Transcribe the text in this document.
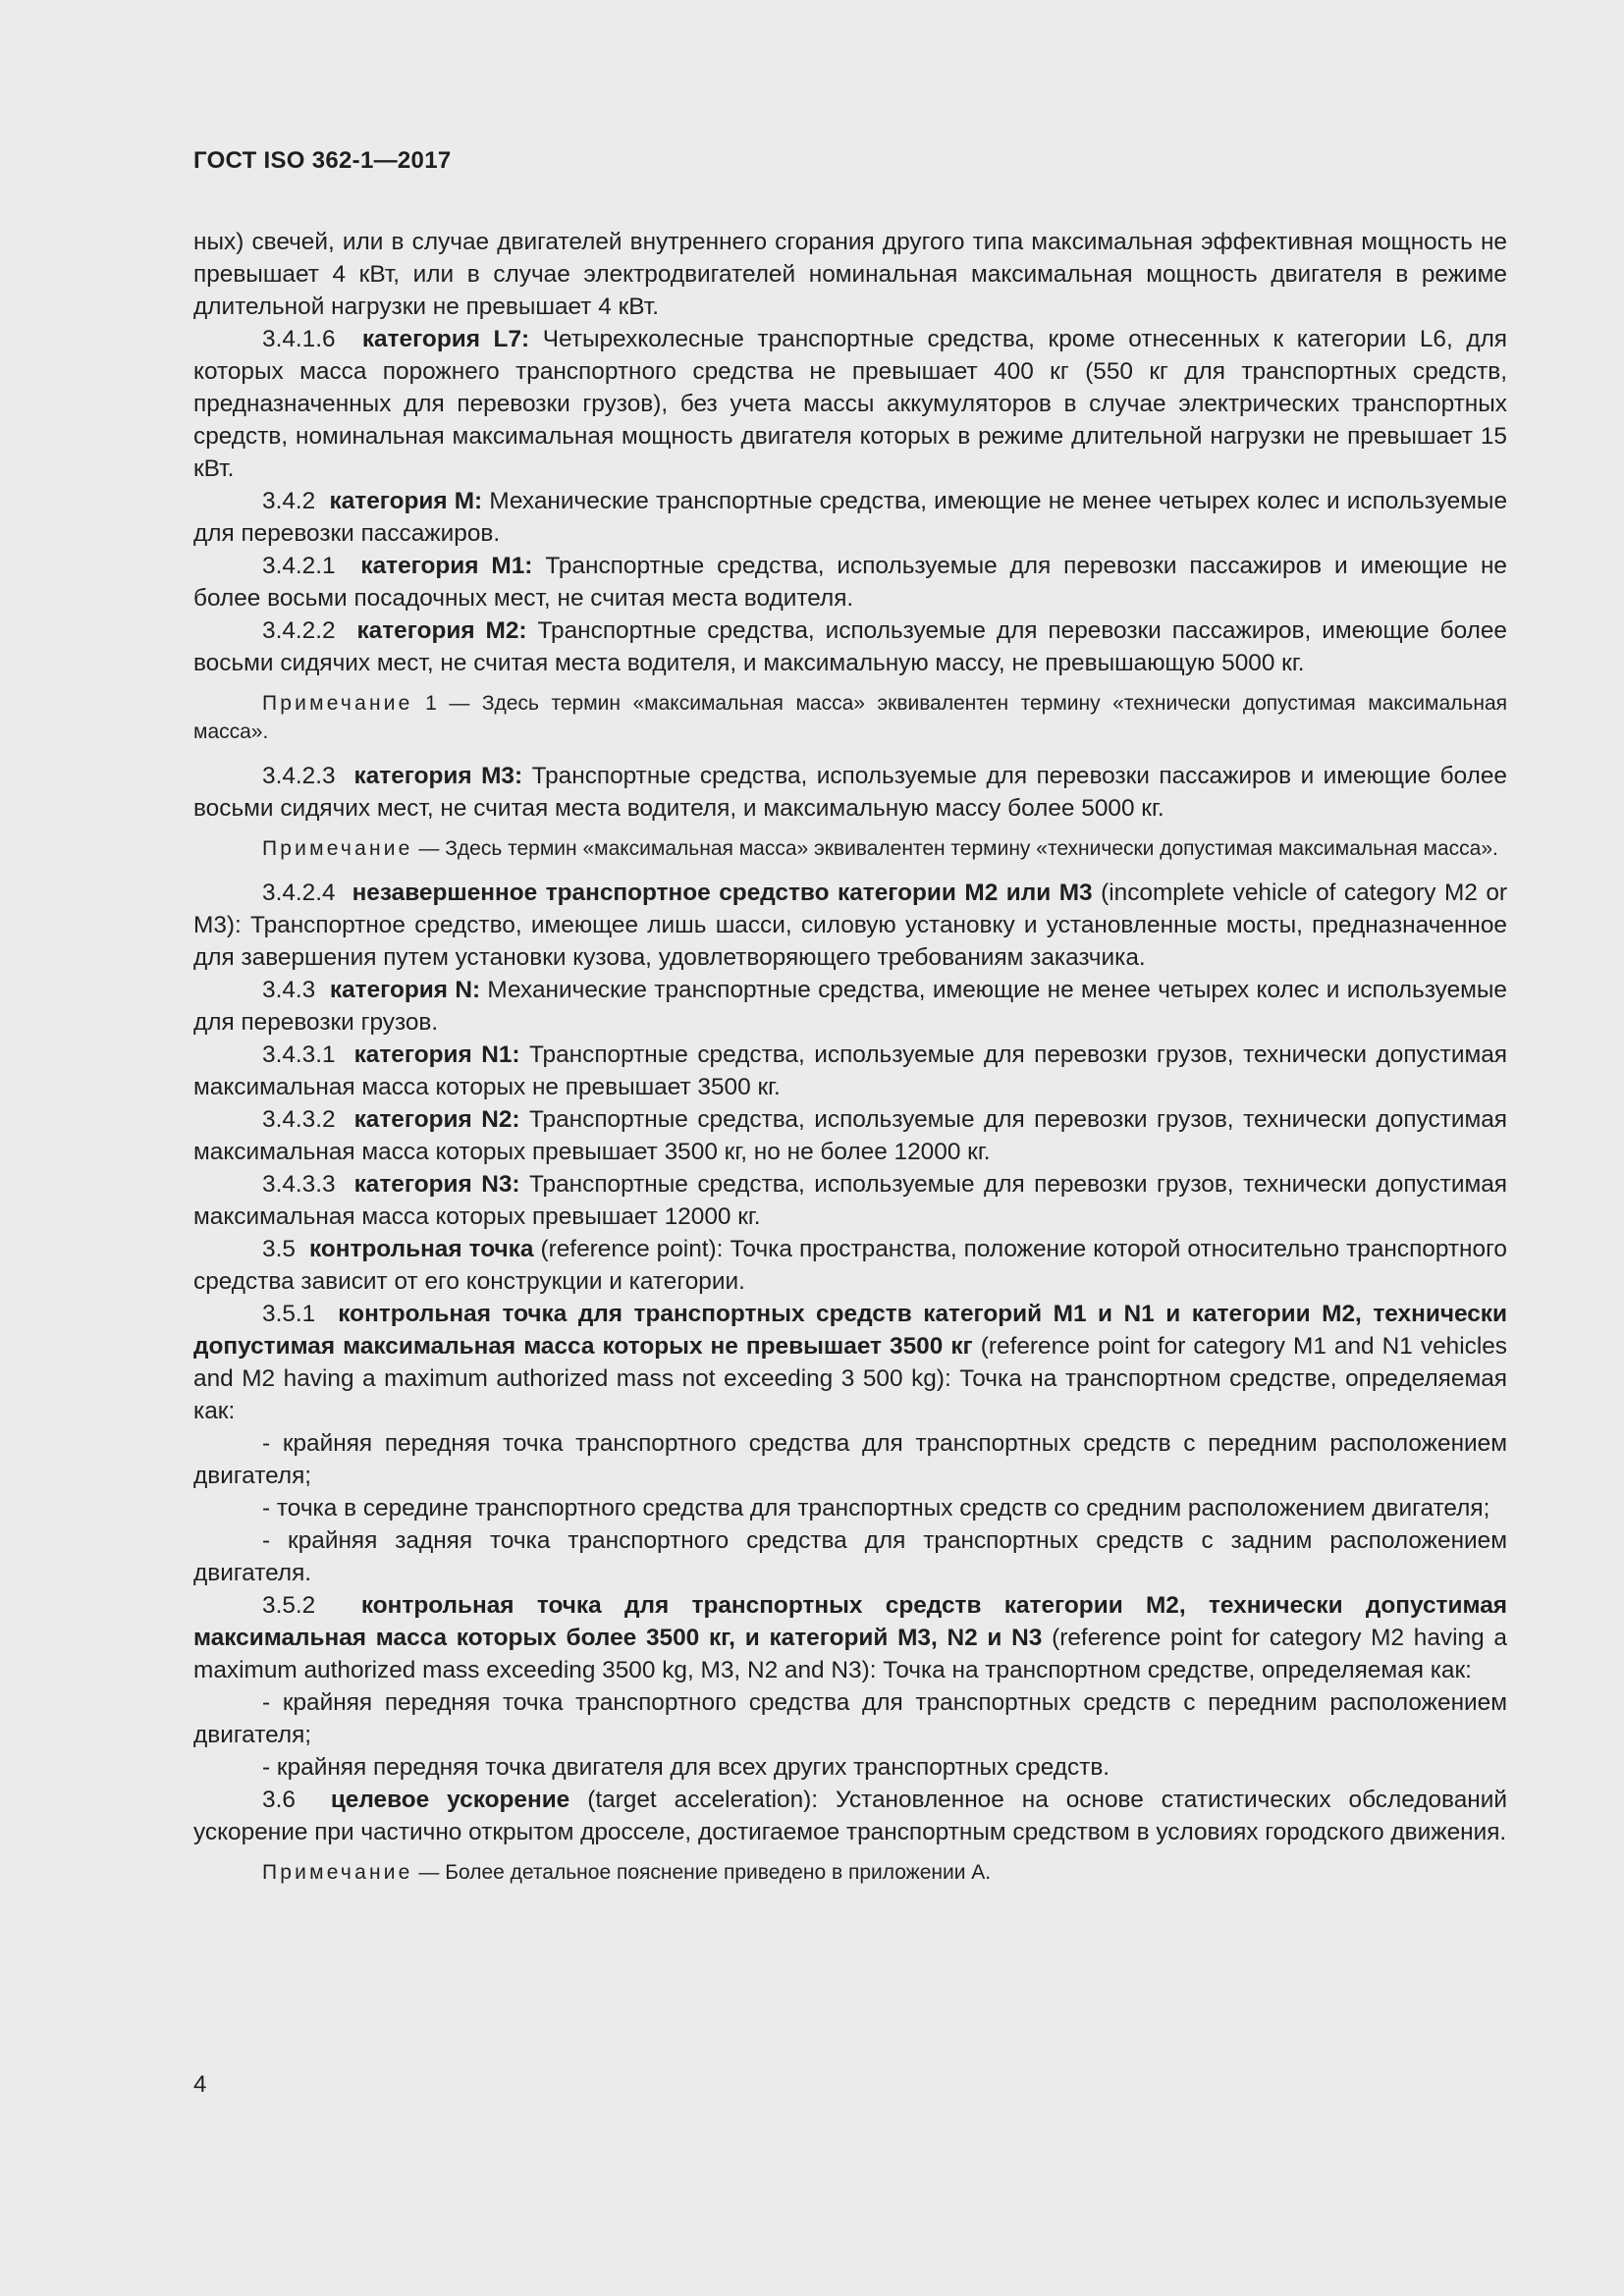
ГОСТ ISO 362-1—2017

ных) свечей, или в случае двигателей внутреннего сгорания другого типа максимальная эффективная мощность не превышает 4 кВт, или в случае электродвигателей номинальная максимальная мощность двигателя в режиме длительной нагрузки не превышает 4 кВт.

3.4.1.6 категория L7: Четырехколесные транспортные средства, кроме отнесенных к категории L6, для которых масса порожнего транспортного средства не превышает 400 кг (550 кг для транспортных средств, предназначенных для перевозки грузов), без учета массы аккумуляторов в случае электрических транспортных средств, номинальная максимальная мощность двигателя которых в режиме длительной нагрузки не превышает 15 кВт.

3.4.2 категория М: Механические транспортные средства, имеющие не менее четырех колес и используемые для перевозки пассажиров.

3.4.2.1 категория M1: Транспортные средства, используемые для перевозки пассажиров и имеющие не более восьми посадочных мест, не считая места водителя.

3.4.2.2 категория M2: Транспортные средства, используемые для перевозки пассажиров, имеющие более восьми сидячих мест, не считая места водителя, и максимальную массу, не превышающую 5000 кг.

Примечание 1 — Здесь термин «максимальная масса» эквивалентен термину «технически допустимая максимальная масса».

3.4.2.3 категория M3: Транспортные средства, используемые для перевозки пассажиров и имеющие более восьми сидячих мест, не считая места водителя, и максимальную массу более 5000 кг.

Примечание — Здесь термин «максимальная масса» эквивалентен термину «технически допустимая максимальная масса».

3.4.2.4 незавершенное транспортное средство категории M2 или M3 (incomplete vehicle of category M2 or M3): Транспортное средство, имеющее лишь шасси, силовую установку и установленные мосты, предназначенное для завершения путем установки кузова, удовлетворяющего требованиям заказчика.

3.4.3 категория N: Механические транспортные средства, имеющие не менее четырех колес и используемые для перевозки грузов.

3.4.3.1 категория N1: Транспортные средства, используемые для перевозки грузов, технически допустимая максимальная масса которых не превышает 3500 кг.

3.4.3.2 категория N2: Транспортные средства, используемые для перевозки грузов, технически допустимая максимальная масса которых превышает 3500 кг, но не более 12000 кг.

3.4.3.3 категория N3: Транспортные средства, используемые для перевозки грузов, технически допустимая максимальная масса которых превышает 12000 кг.

3.5 контрольная точка (reference point): Точка пространства, положение которой относительно транспортного средства зависит от его конструкции и категории.

3.5.1 контрольная точка для транспортных средств категорий M1 и N1 и категории M2, технически допустимая максимальная масса которых не превышает 3500 кг (reference point for category M1 and N1 vehicles and M2 having a maximum authorized mass not exceeding 3 500 kg): Точка на транспортном средстве, определяемая как:

- крайняя передняя точка транспортного средства для транспортных средств с передним расположением двигателя;

- точка в середине транспортного средства для транспортных средств со средним расположением двигателя;

- крайняя задняя точка транспортного средства для транспортных средств с задним расположением двигателя.

3.5.2 контрольная точка для транспортных средств категории M2, технически допустимая максимальная масса которых более 3500 кг, и категорий M3, N2 и N3 (reference point for category M2 having a maximum authorized mass exceeding 3500 kg, M3, N2 and N3): Точка на транспортном средстве, определяемая как:

- крайняя передняя точка транспортного средства для транспортных средств с передним расположением двигателя;

- крайняя передняя точка двигателя для всех других транспортных средств.

3.6 целевое ускорение (target acceleration): Установленное на основе статистических обследований ускорение при частично открытом дросселе, достигаемое транспортным средством в условиях городского движения.

Примечание — Более детальное пояснение приведено в приложении А.

4
